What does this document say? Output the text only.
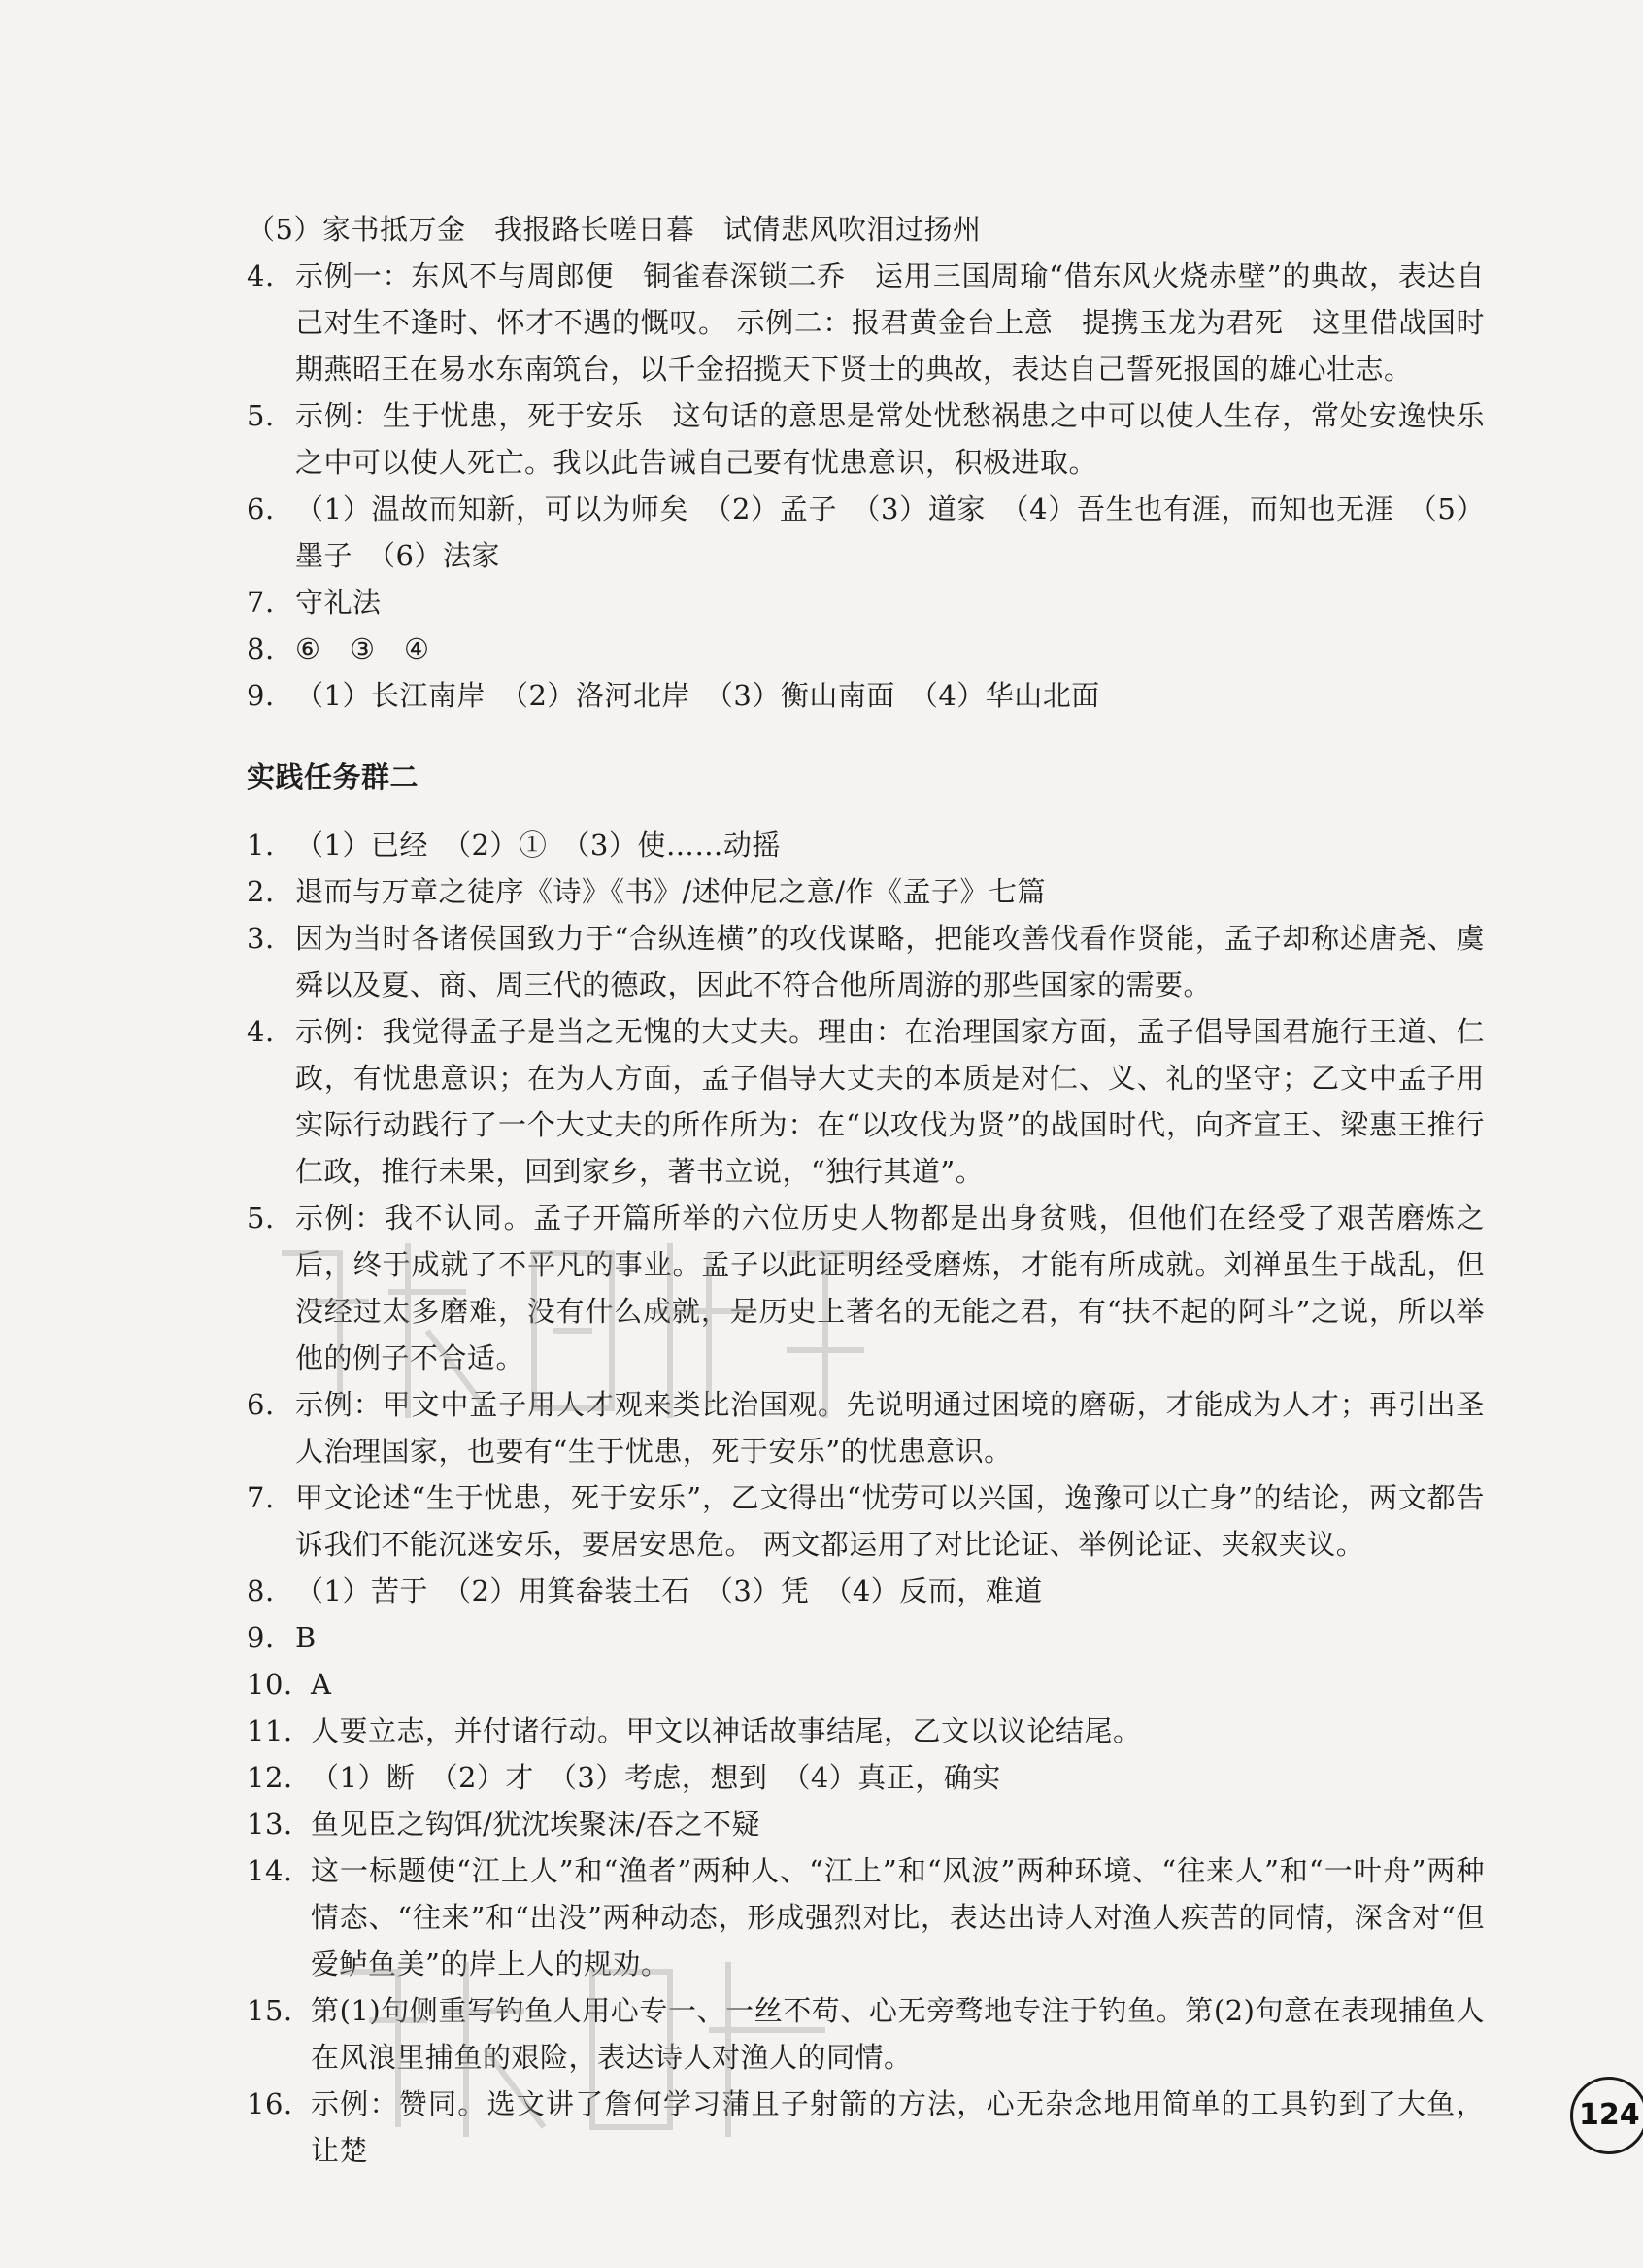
（5）家书抵万金　我报路长嗟日暮　试倩悲风吹泪过扬州
4. 示例一：东风不与周郎便　铜雀春深锁二乔　运用三国周瑜“借东风火烧赤壁”的典故，表达自己对生不逢时、怀才不遇的慨叹。 示例二：报君黄金台上意　提携玉龙为君死　这里借战国时期燕昭王在易水东南筑台，以千金招揽天下贤士的典故，表达自己誓死报国的雄心壮志。
5. 示例：生于忧患，死于安乐　这句话的意思是常处忧愁祸患之中可以使人生存，常处安逸快乐之中可以使人死亡。我以此告诫自己要有忧患意识，积极进取。
6. （1）温故而知新，可以为师矣　（2）孟子　（3）道家　（4）吾生也有涯，而知也无涯　（5）墨子　（6）法家
7. 守礼法
8. ⑥　③　④
9. （1）长江南岸　（2）洛河北岸　（3）衡山南面　（4）华山北面
实践任务群二
1. （1）已经　（2）①　（3）使……动摇
2. 退而与万章之徒序《诗》《书》/述仲尼之意/作《孟子》七篇
3. 因为当时各诸侯国致力于“合纵连横”的攻伐谋略，把能攻善伐看作贤能，孟子却称述唐尧、虞舜以及夏、商、周三代的德政，因此不符合他所周游的那些国家的需要。
4. 示例：我觉得孟子是当之无愧的大丈夫。理由：在治理国家方面，孟子倡导国君施行王道、仁政，有忧患意识；在为人方面，孟子倡导大丈夫的本质是对仁、义、礼的坚守；乙文中孟子用实际行动践行了一个大丈夫的所作所为：在“以攻伐为贤”的战国时代，向齐宣王、梁惠王推行仁政，推行未果，回到家乡，著书立说，“独行其道”。
5. 示例：我不认同。孟子开篇所举的六位历史人物都是出身贫贱，但他们在经受了艰苦磨炼之后，终于成就了不平凡的事业。孟子以此证明经受磨炼，才能有所成就。刘禅虽生于战乱，但没经过太多磨难，没有什么成就，是历史上著名的无能之君，有“扶不起的阿斗”之说，所以举他的例子不合适。
6. 示例：甲文中孟子用人才观来类比治国观。先说明通过困境的磨砺，才能成为人才；再引出圣人治理国家，也要有“生于忧患，死于安乐”的忧患意识。
7. 甲文论述“生于忧患，死于安乐”，乙文得出“忧劳可以兴国，逸豫可以亡身”的结论，两文都告诉我们不能沉迷安乐，要居安思危。 两文都运用了对比论证、举例论证、夹叙夹议。
8. （1）苦于　（2）用箕畚装土石　（3）凭　（4）反而，难道
9. B
10. A
11. 人要立志，并付诸行动。甲文以神话故事结尾，乙文以议论结尾。
12. （1）断　（2）才　（3）考虑，想到　（4）真正，确实
13. 鱼见臣之钩饵/犹沈埃聚沫/吞之不疑
14. 这一标题使“江上人”和“渔者”两种人、“江上”和“风波”两种环境、“往来人”和“一叶舟”两种情态、“往来”和“出没”两种动态，形成强烈对比，表达出诗人对渔人疾苦的同情，深含对“但爱鲈鱼美”的岸上人的规劝。
15. 第(1)句侧重写钓鱼人用心专一、一丝不苟、心无旁骛地专注于钓鱼。第(2)句意在表现捕鱼人在风浪里捕鱼的艰险，表达诗人对渔人的同情。
16. 示例：赞同。选文讲了詹何学习蒲且子射箭的方法，心无杂念地用简单的工具钓到了大鱼，让楚
124
